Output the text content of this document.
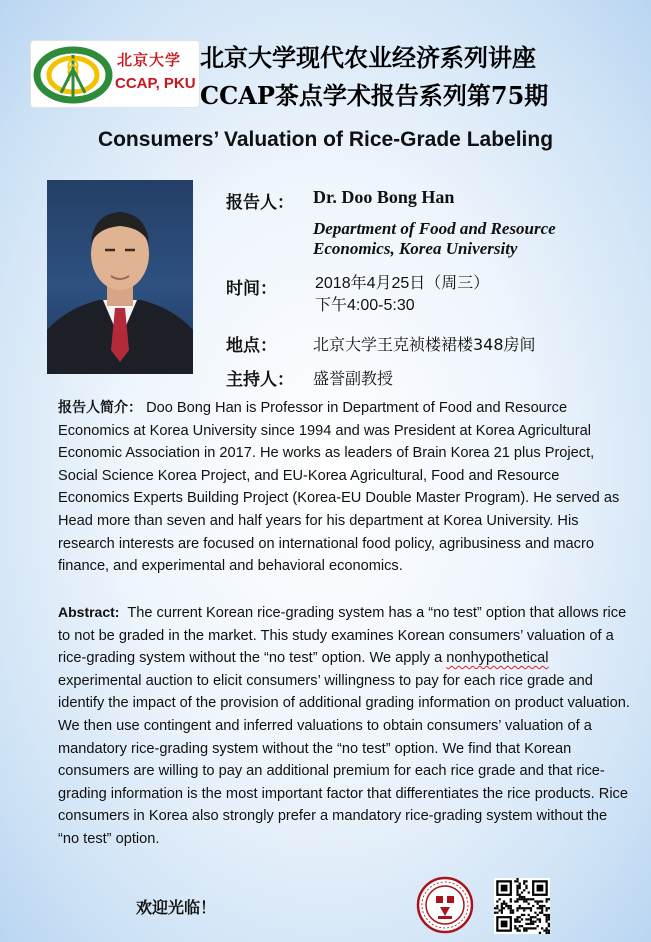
北京大学
CCAP, PKU
北京大学现代农业经济系列讲座
CCAP茶点学术报告系列第75期
Consumers’ Valuation of Rice-Grade Labeling
报告人： Dr. Doo Bong Han
Department of Food and Resource
Economics, Korea University
时间： 2018年4月25日（周三）
下午4:00-5:30
地点： 北京大学王克祯楼裙楼348房间
主持人： 盛誉副教授

报告人简介： Doo Bong Han is Professor in Department of Food and Resource Economics at Korea University since 1994 and was President at Korea Agricultural Economic Association in 2017. He works as leaders of Brain Korea 21 plus Project, Social Science Korea Project, and EU-Korea Agricultural, Food and Resource Economics Experts Building Project (Korea-EU Double Master Program). He served as Head more than seven and half years for his department at Korea University. His research interests are focused on international food policy, agribusiness and macro finance, and experimental and behavioral economics.

Abstract: The current Korean rice-grading system has a “no test” option that allows rice to not be graded in the market. This study examines Korean consumers’ valuation of a rice-grading system without the “no test” option. We apply a nonhypothetical experimental auction to elicit consumers’ willingness to pay for each rice grade and identify the impact of the provision of additional grading information on product valuation. We then use contingent and inferred valuations to obtain consumers’ valuation of a mandatory rice-grading system without the “no test” option. We find that Korean consumers are willing to pay an additional premium for each rice grade and that rice-grading information is the most important factor that differentiates the rice products. Rice consumers in Korea also strongly prefer a mandatory rice-grading system without the “no test” option.

欢迎光临！
